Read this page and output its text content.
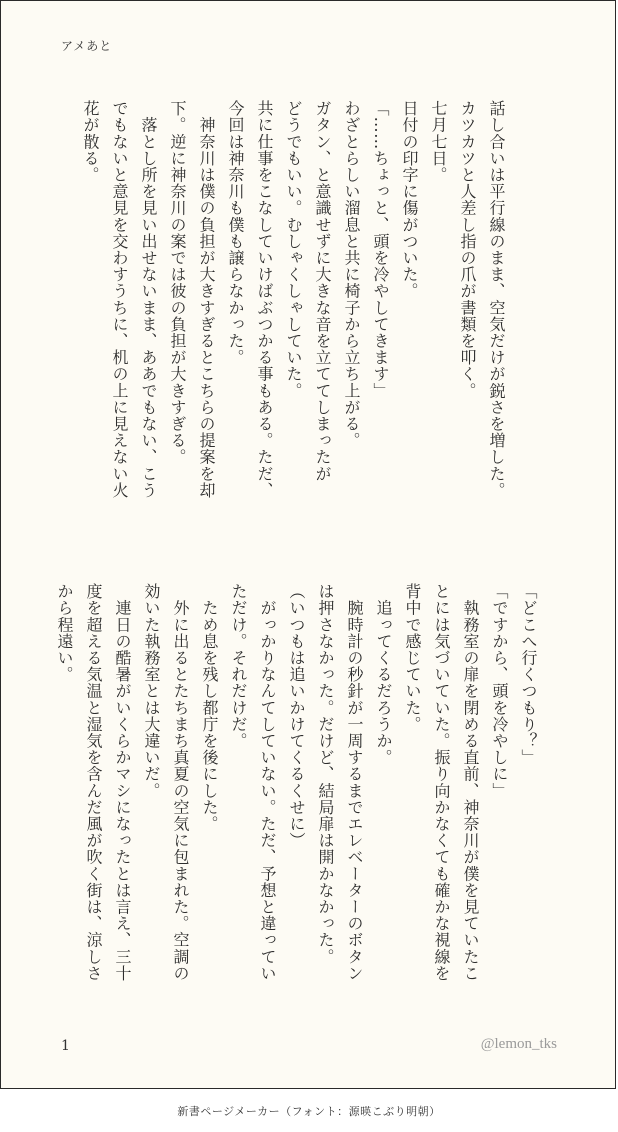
アメあと
話し合いは平行線のまま、空気だけが鋭さを増した。
カツカツと人差し指の爪が書類を叩く。
七月七日。
日付の印字に傷がついた。
「……ちょっと、頭を冷やしてきます」
わざとらしい溜息と共に椅子から立ち上がる。
ガタン、と意識せずに大きな音を立ててしまったが
どうでもいい。むしゃくしゃしていた。
共に仕事をこなしていけばぶつかる事もある。ただ、
今回は神奈川も僕も譲らなかった。
　神奈川は僕の負担が大きすぎるとこちらの提案を却
下。逆に神奈川の案では彼の負担が大きすぎる。
　落とし所を見い出せないまま、ああでもない、こう
でもないと意見を交わすうちに、机の上に見えない火
花が散る。
「どこへ行くつもり？」
「ですから、頭を冷やしに」
　執務室の扉を閉める直前、神奈川が僕を見ていたこ
とには気づいていた。振り向かなくても確かな視線を
背中で感じていた。
　追ってくるだろうか。
　腕時計の秒針が一周するまでエレベーターのボタン
は押さなかった。だけど、結局扉は開かなかった。
（いつもは追いかけてくるくせに）
　がっかりなんてしていない。ただ、予想と違ってい
ただけ。それだけだ。
　ため息を残し都庁を後にした。
　外に出るとたちまち真夏の空気に包まれた。空調の
効いた執務室とは大違いだ。
　連日の酷暑がいくらかマシになったとは言え、三十
度を超える気温と湿気を含んだ風が吹く街は、涼しさ
から程遠い。
1	@lemon_tks
新書ページメーカー（フォント：源暎こぶり明朝）
